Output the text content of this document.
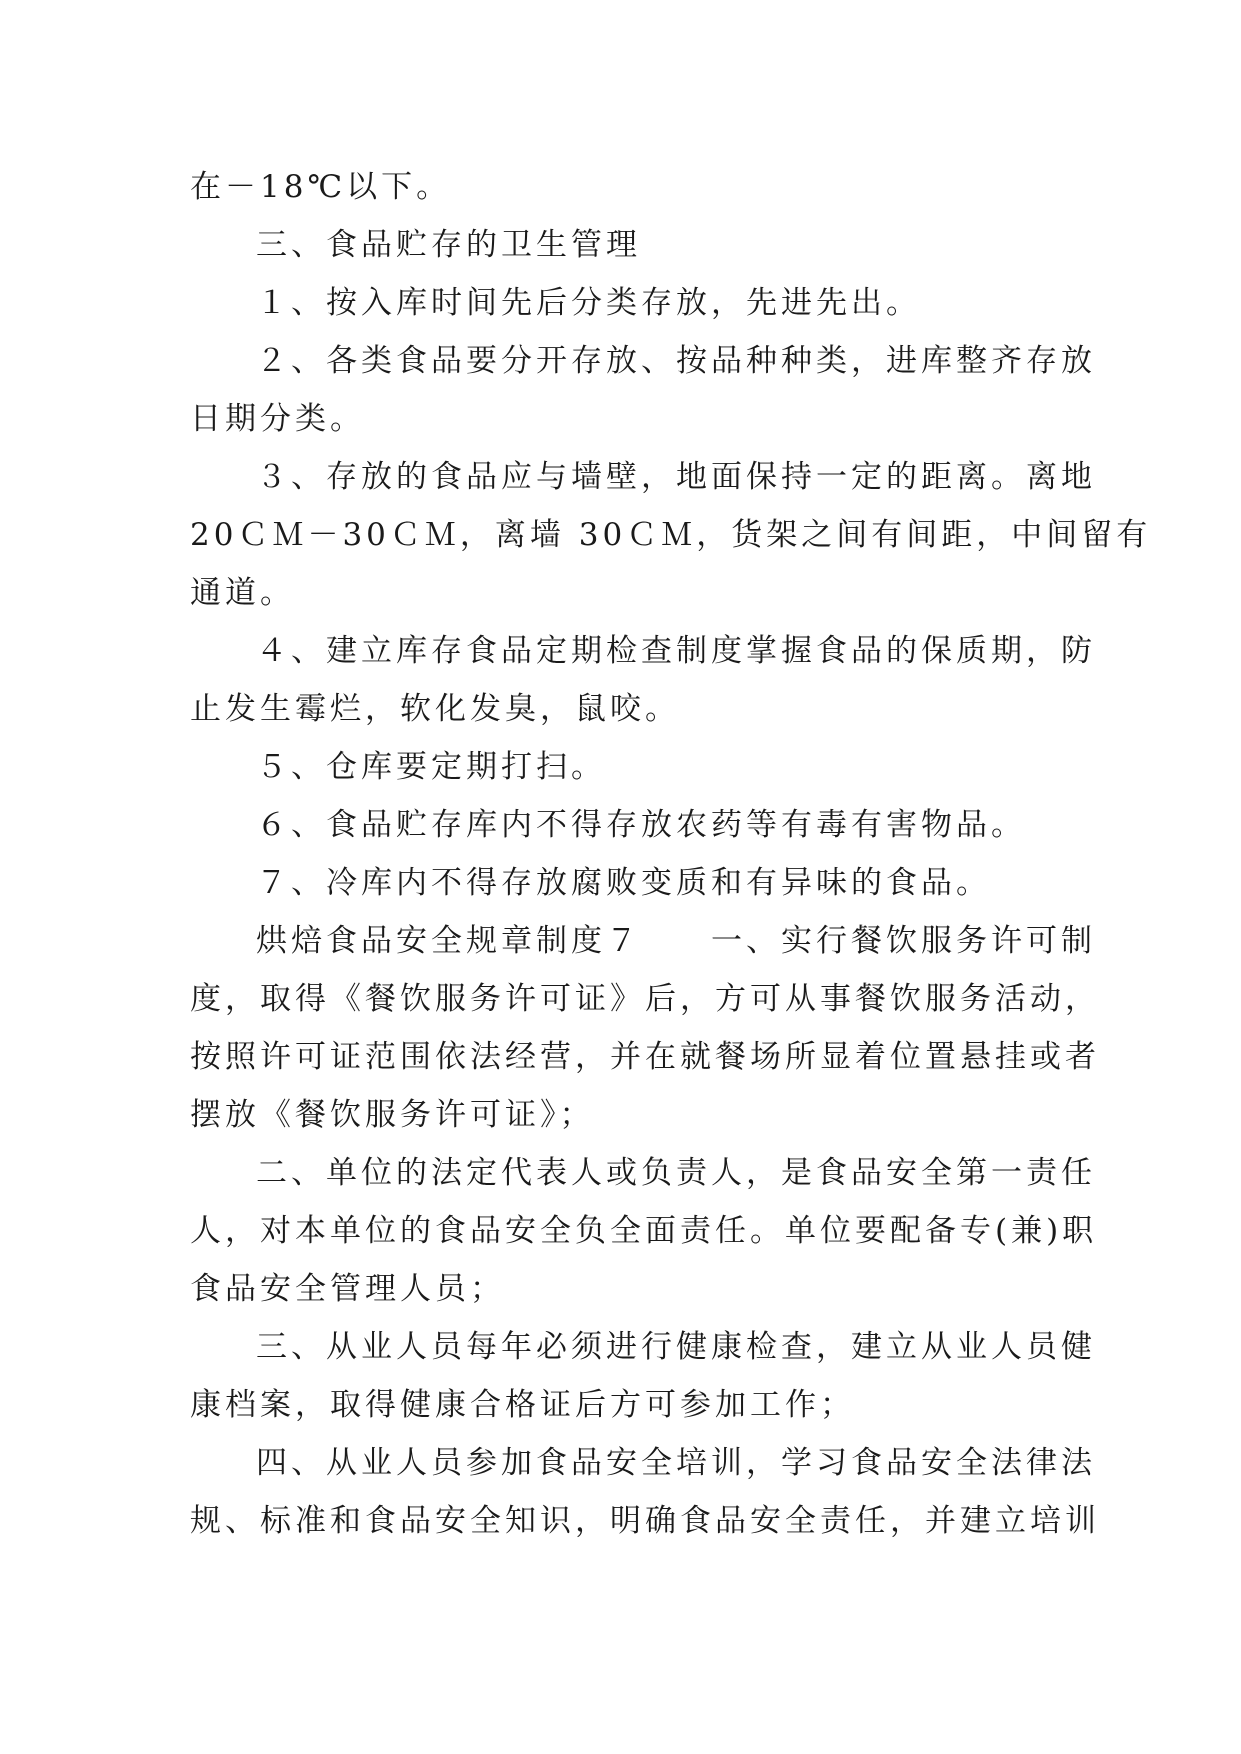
在－18℃以下。
三、食品贮存的卫生管理
１、按入库时间先后分类存放，先进先出。
２、各类食品要分开存放、按品种种类，进库整齐存放
日期分类。
３、存放的食品应与墙壁，地面保持一定的距离。离地
20ＣＭ－30ＣＭ，离墙 30ＣＭ，货架之间有间距，中间留有
通道。
４、建立库存食品定期检查制度掌握食品的保质期，防
止发生霉烂，软化发臭，鼠咬。
５、仓库要定期打扫。
６、食品贮存库内不得存放农药等有毒有害物品。
７、冷库内不得存放腐败变质和有异味的食品。
烘焙食品安全规章制度７　　一、实行餐饮服务许可制
度，取得《餐饮服务许可证》后，方可从事餐饮服务活动，
按照许可证范围依法经营，并在就餐场所显着位置悬挂或者
摆放《餐饮服务许可证》；
二、单位的法定代表人或负责人，是食品安全第一责任
人，对本单位的食品安全负全面责任。单位要配备专(兼)职
食品安全管理人员；
三、从业人员每年必须进行健康检查，建立从业人员健
康档案，取得健康合格证后方可参加工作；
四、从业人员参加食品安全培训，学习食品安全法律法
规、标准和食品安全知识，明确食品安全责任，并建立培训
